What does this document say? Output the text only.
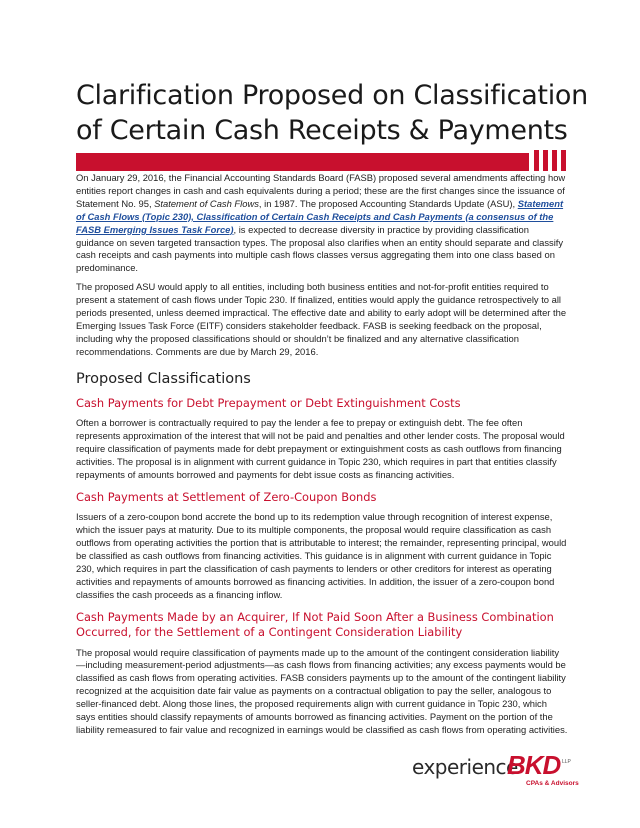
Clarification Proposed on Classification of Certain Cash Receipts & Payments

On January 29, 2016, the Financial Accounting Standards Board (FASB) proposed several amendments affecting how entities report changes in cash and cash equivalents during a period; these are the first changes since the issuance of Statement No. 95, Statement of Cash Flows, in 1987. The proposed Accounting Standards Update (ASU), Statement of Cash Flows (Topic 230), Classification of Certain Cash Receipts and Cash Payments (a consensus of the FASB Emerging Issues Task Force), is expected to decrease diversity in practice by providing classification guidance on seven targeted transaction types. The proposal also clarifies when an entity should separate and classify cash receipts and cash payments into multiple cash flows classes versus aggregating them into one class based on predominance.

The proposed ASU would apply to all entities, including both business entities and not-for-profit entities required to present a statement of cash flows under Topic 230. If finalized, entities would apply the guidance retrospectively to all periods presented, unless deemed impractical. The effective date and ability to early adopt will be determined after the Emerging Issues Task Force (EITF) considers stakeholder feedback. FASB is seeking feedback on the proposal, including why the proposed classifications should or shouldn’t be finalized and any alternative classification recommendations. Comments are due by March 29, 2016.

Proposed Classifications
Cash Payments for Debt Prepayment or Debt Extinguishment Costs

Often a borrower is contractually required to pay the lender a fee to prepay or extinguish debt. The fee often represents approximation of the interest that will not be paid and penalties and other lender costs. The proposal would require classification of payments made for debt prepayment or extinguishment costs as cash outflows from financing activities. The proposal is in alignment with current guidance in Topic 230, which requires in part that entities classify repayments of amounts borrowed and payments for debt issue costs as financing activities.

Cash Payments at Settlement of Zero-Coupon Bonds

Issuers of a zero-coupon bond accrete the bond up to its redemption value through recognition of interest expense, which the issuer pays at maturity. Due to its multiple components, the proposal would require classification as cash outflows from operating activities the portion that is attributable to interest; the remainder, representing principal, would be classified as cash outflows from financing activities. This guidance is in alignment with current guidance in Topic 230, which requires in part the classification of cash payments to lenders or other creditors for interest as operating activities and repayments of amounts borrowed as financing activities. In addition, the issuer of a zero-coupon bond classifies the cash proceeds as a financing inflow.

Cash Payments Made by an Acquirer, If Not Paid Soon After a Business Combination Occurred, for the Settlement of a Contingent Consideration Liability

The proposal would require classification of payments made up to the amount of the contingent consideration liability—including measurement-period adjustments—as cash flows from financing activities; any excess payments would be classified as cash flows from operating activities. FASB considers payments up to the amount of the contingent liability recognized at the acquisition date fair value as payments on a contractual obligation to pay the seller, analogous to seller-financed debt. Along those lines, the proposed requirements align with current guidance in Topic 230, which says entities should classify repayments of amounts borrowed as financing activities. Payment on the portion of the liability remeasured to fair value and recognized in earnings would be classified as cash flows from operating activities.

experience
BKD LLP
CPAs & Advisors
